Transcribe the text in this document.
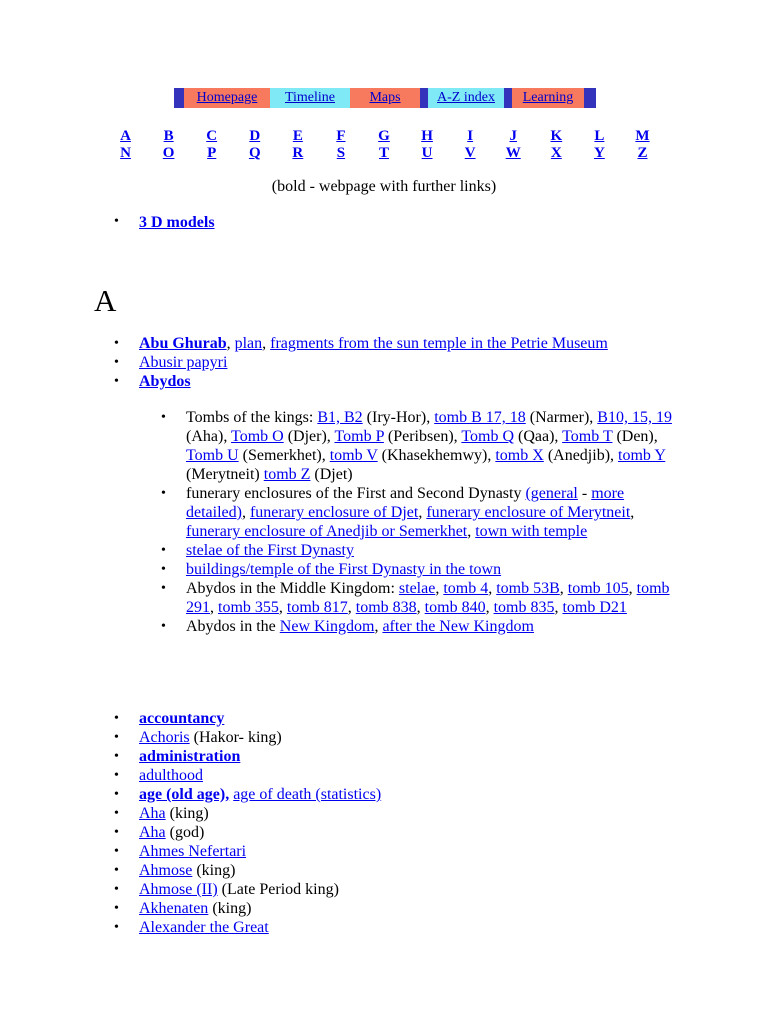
Homepage Timeline Maps	A-Z index Learning
A	B	C	D	E	F	G	H	I	J	K	L	M
N	O	P	Q	R	S	T	U	V	W	X	Y	Z
(bold - webpage with further links)
• 3 D models
A
• Abu Ghurab, plan, fragments from the sun temple in the Petrie Museum
• Abusir papyri
• Abydos
• Tombs of the kings: B1, B2 (Iry-Hor), tomb B 17, 18 (Narmer), B10, 15, 19 (Aha), Tomb O (Djer), Tomb P (Peribsen), Tomb Q (Qaa), Tomb T (Den), Tomb U (Semerkhet), tomb V (Khasekhemwy), tomb X (Anedjib), tomb Y (Merytneit) tomb Z (Djet)
• funerary enclosures of the First and Second Dynasty (general - more detailed), funerary enclosure of Djet, funerary enclosure of Merytneit, funerary enclosure of Anedjib or Semerkhet, town with temple
• stelae of the First Dynasty
• buildings/temple of the First Dynasty in the town
• Abydos in the Middle Kingdom: stelae, tomb 4, tomb 53B, tomb 105, tomb 291, tomb 355, tomb 817, tomb 838, tomb 840, tomb 835, tomb D21
• Abydos in the New Kingdom, after the New Kingdom
• accountancy
• Achoris (Hakor- king)
• administration
• adulthood
• age (old age), age of death (statistics)
• Aha (king)
• Aha (god)
• Ahmes Nefertari
• Ahmose (king)
• Ahmose (II) (Late Period king)
• Akhenaten (king)
• Alexander the Great
